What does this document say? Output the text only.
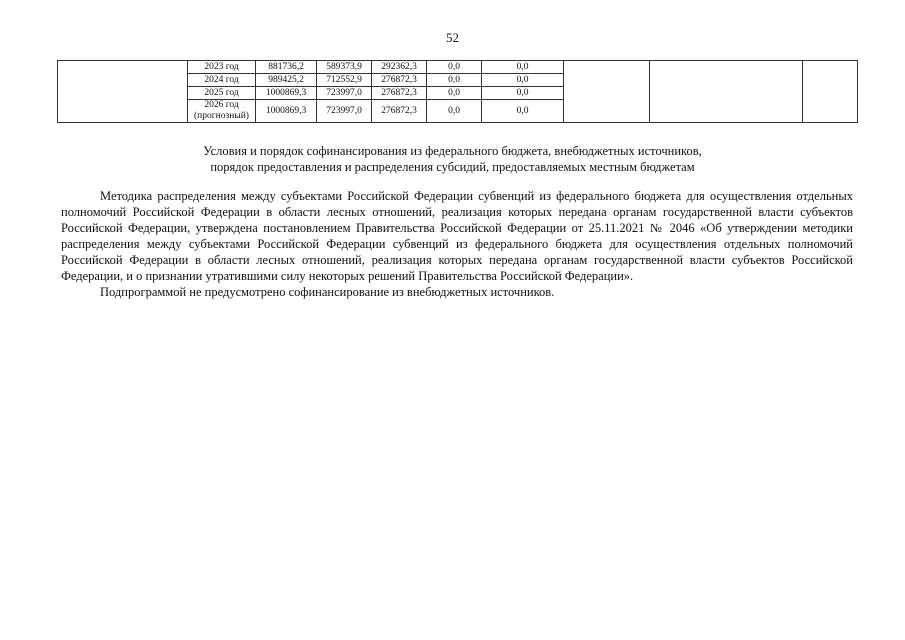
52
	2023 год	881736,2	589373,9	292362,3	0,0	0,0			
	2024 год	989425,2	712552,9	276872,3	0,0	0,0			
	2025 год	1000869,3	723997,0	276872,3	0,0	0,0			
	2026 год (прогнозный)	1000869,3	723997,0	276872,3	0,0	0,0			
Условия и порядок софинансирования из федерального бюджета, внебюджетных источников,
порядок предоставления и распределения субсидий, предоставляемых местным бюджетам

Методика распределения между субъектами Российской Федерации субвенций из федерального бюджета для осуществления отдельных полномочий Российской Федерации в области лесных отношений, реализация которых передана органам государственной власти субъектов Российской Федерации, утверждена постановлением Правительства Российской Федерации от 25.11.2021 № 2046 «Об утверждении методики распределения между субъектами Российской Федерации субвенций из федерального бюджета для осуществления отдельных полномочий Российской Федерации в области лесных отношений, реализация которых передана органам государственной власти субъектов Российской Федерации, и о признании утратившими силу некоторых решений Правительства Российской Федерации».

Подпрограммой не предусмотрено софинансирование из внебюджетных источников.
